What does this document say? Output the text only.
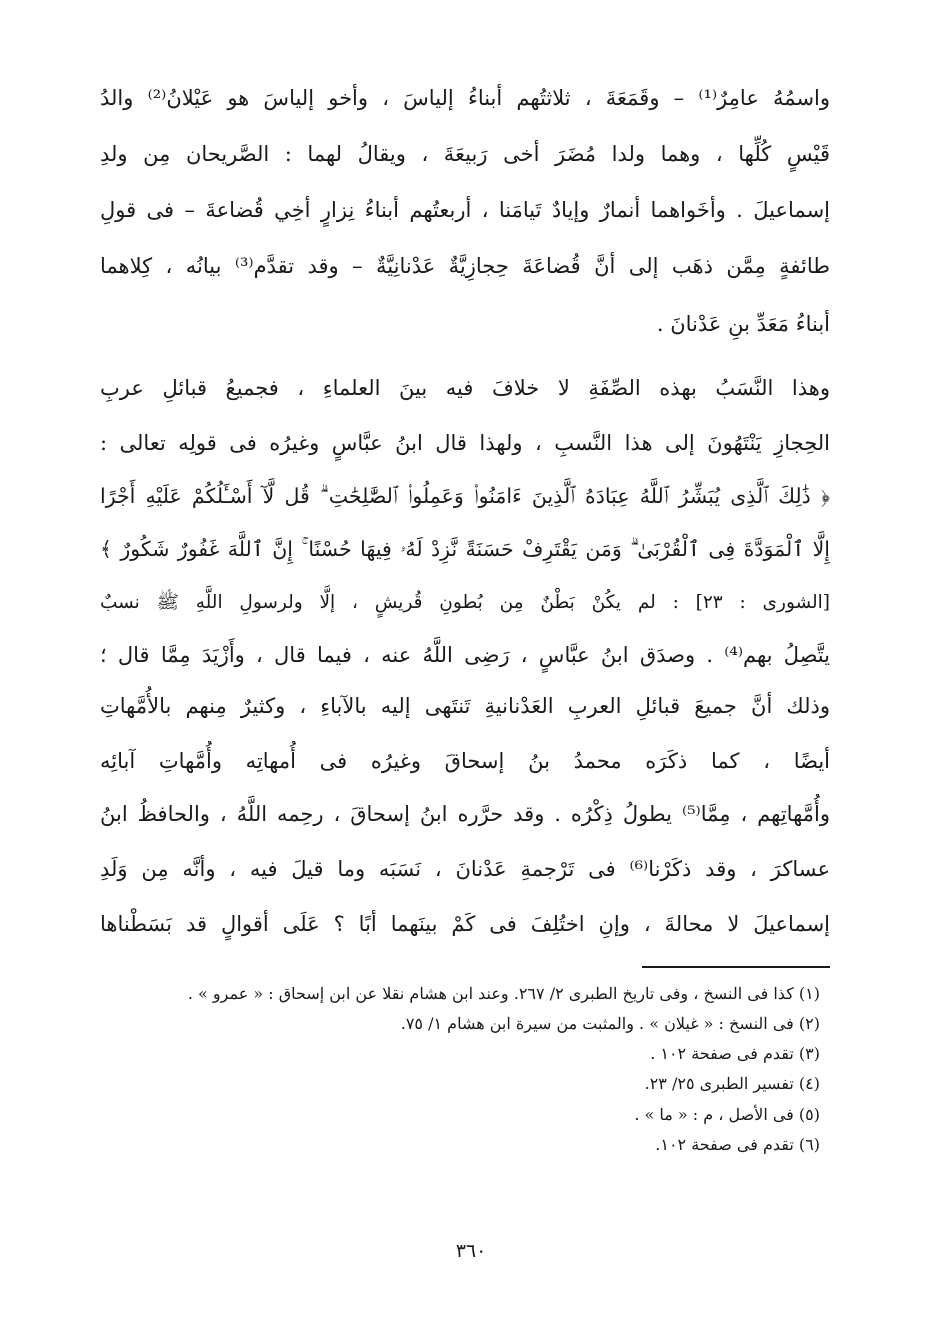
واسمُهُ عامِرٌ⁽¹⁾ – وقَمَعَةَ ، ثلاثتُهم أبناءُ إلياسَ ، وأخو إلياسَ هو عَيْلانُ⁽²⁾ والدُ
قَيْسٍ كُلِّها ، وهما ولدا مُضَرَ أخى رَبيعَةَ ، ويقالُ لهما : الصَّريحان مِن ولدِ
إسماعيلَ . وأخَواهما أنمارٌ وإيادٌ تَيامَنا ، أربعتُهم أبناءُ نِزارٍ أخِي قُضاعةَ – فى قولِ
طائفةٍ مِمَّن ذهَب إلى أنَّ قُضاعَةَ حِجازِيَّةٌ عَدْنانِيَّةٌ – وقد تقدَّم⁽³⁾ بيانُه ، كِلاهما
أبناءُ مَعَدِّ بنِ عَدْنانَ .
وهذا النَّسَبُ بهذه الصِّفَةِ لا خلافَ فيه بينَ العلماءِ ، فجميعُ قبائلِ عربِ
الحِجازِ يَنْتَهُونَ إلى هذا النَّسبِ ، ولهذا قال ابنُ عبَّاسٍ وغيرُه فى قولِه تعالى :
﴿ ذَٰلِكَ ٱلَّذِى يُبَشِّرُ ٱللَّهُ عِبَادَهُ ٱلَّذِينَ ءَامَنُوا۟ وَعَمِلُوا۟ ٱلصَّٰلِحَٰتِ ۗ قُل لَّآ أَسْـَٔلُكُمْ عَلَيْهِ أَجْرًا
إِلَّا ٱلْمَوَدَّةَ فِى ٱلْقُرْبَىٰ ۗ وَمَن يَقْتَرِفْ حَسَنَةً نَّزِدْ لَهُۥ فِيهَا حُسْنًا ۚ إِنَّ ٱللَّهَ غَفُورٌ شَكُورٌ ﴾
[الشورى : ٢٣] : لم يكُنْ بَطْنٌ مِن بُطونِ قُريشٍ ، إلَّا ولرسولِ اللَّهِ ﷺ نسبٌ
يتَّصِلُ بهم⁽⁴⁾ . وصدَق ابنُ عبَّاسٍ ، رَضِى اللَّهُ عنه ، فيما قال ، وأَزْيَدَ مِمَّا قال ؛
وذلك أنَّ جميعَ قبائلِ العربِ العَدْنانيةِ تَنتَهى إليه بالآباءِ ، وكثيرٌ مِنهم بالأُمَّهاتِ
أيضًا ، كما ذكَرَه محمدُ بنُ إسحاقَ وغيرُه فى أُمهاتِه وأُمَّهاتِ آبائِه
وأُمَّهاتِهم ، مِمَّا⁽⁵⁾ يطولُ ذِكْرُه . وقد حرَّره ابنُ إسحاقَ ، رحِمه اللَّهُ ، والحافظُ ابنُ
عساكرَ ، وقد ذكَرْنا⁽⁶⁾ فى تَرْجمةِ عَدْنانَ ، نَسَبَه وما قيلَ فيه ، وأنَّه مِن وَلَدِ
إسماعيلَ لا محالةَ ، وإنِ اختُلِفَ فى كَمْ بينَهما أبًا ؟ عَلَى أقوالٍ قد بَسَطْناها
(١) كذا فى النسخ ، وفى تاريخ الطبرى ٢/ ٢٦٧. وعند ابن هشام نقلا عن ابن إسحاق : « عمرو » .
(٢) فى النسخ : « غيلان » . والمثبت من سيرة ابن هشام ١/ ٧٥.
(٣) تقدم فى صفحة ١٠٢ .
(٤) تفسير الطبرى ٢٥/ ٢٣.
(٥) فى الأصل ، م : « ما » .
(٦) تقدم فى صفحة ١٠٢.
٣٦٠
